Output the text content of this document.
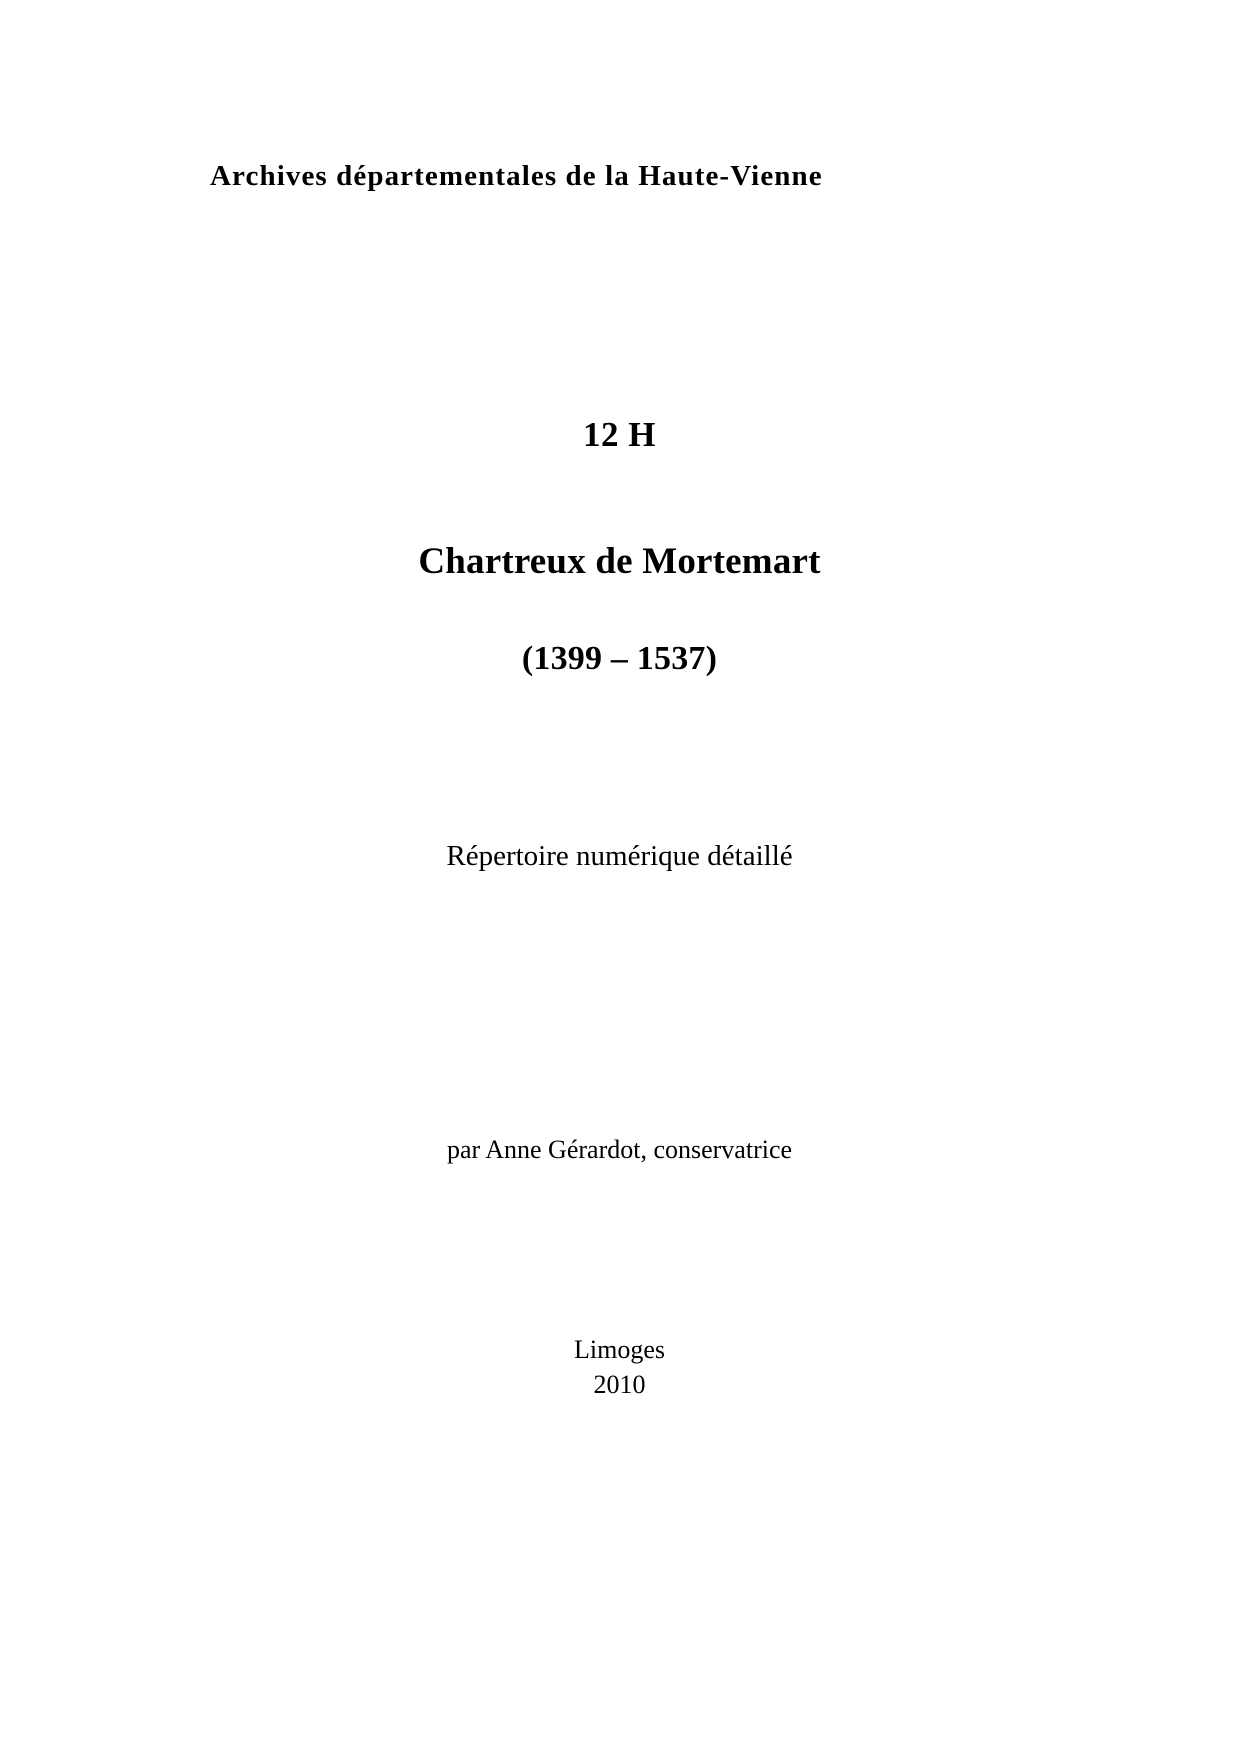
Archives départementales de la Haute-Vienne
12 H
Chartreux de Mortemart
(1399 – 1537)
Répertoire numérique détaillé
par Anne Gérardot, conservatrice
Limoges
2010
